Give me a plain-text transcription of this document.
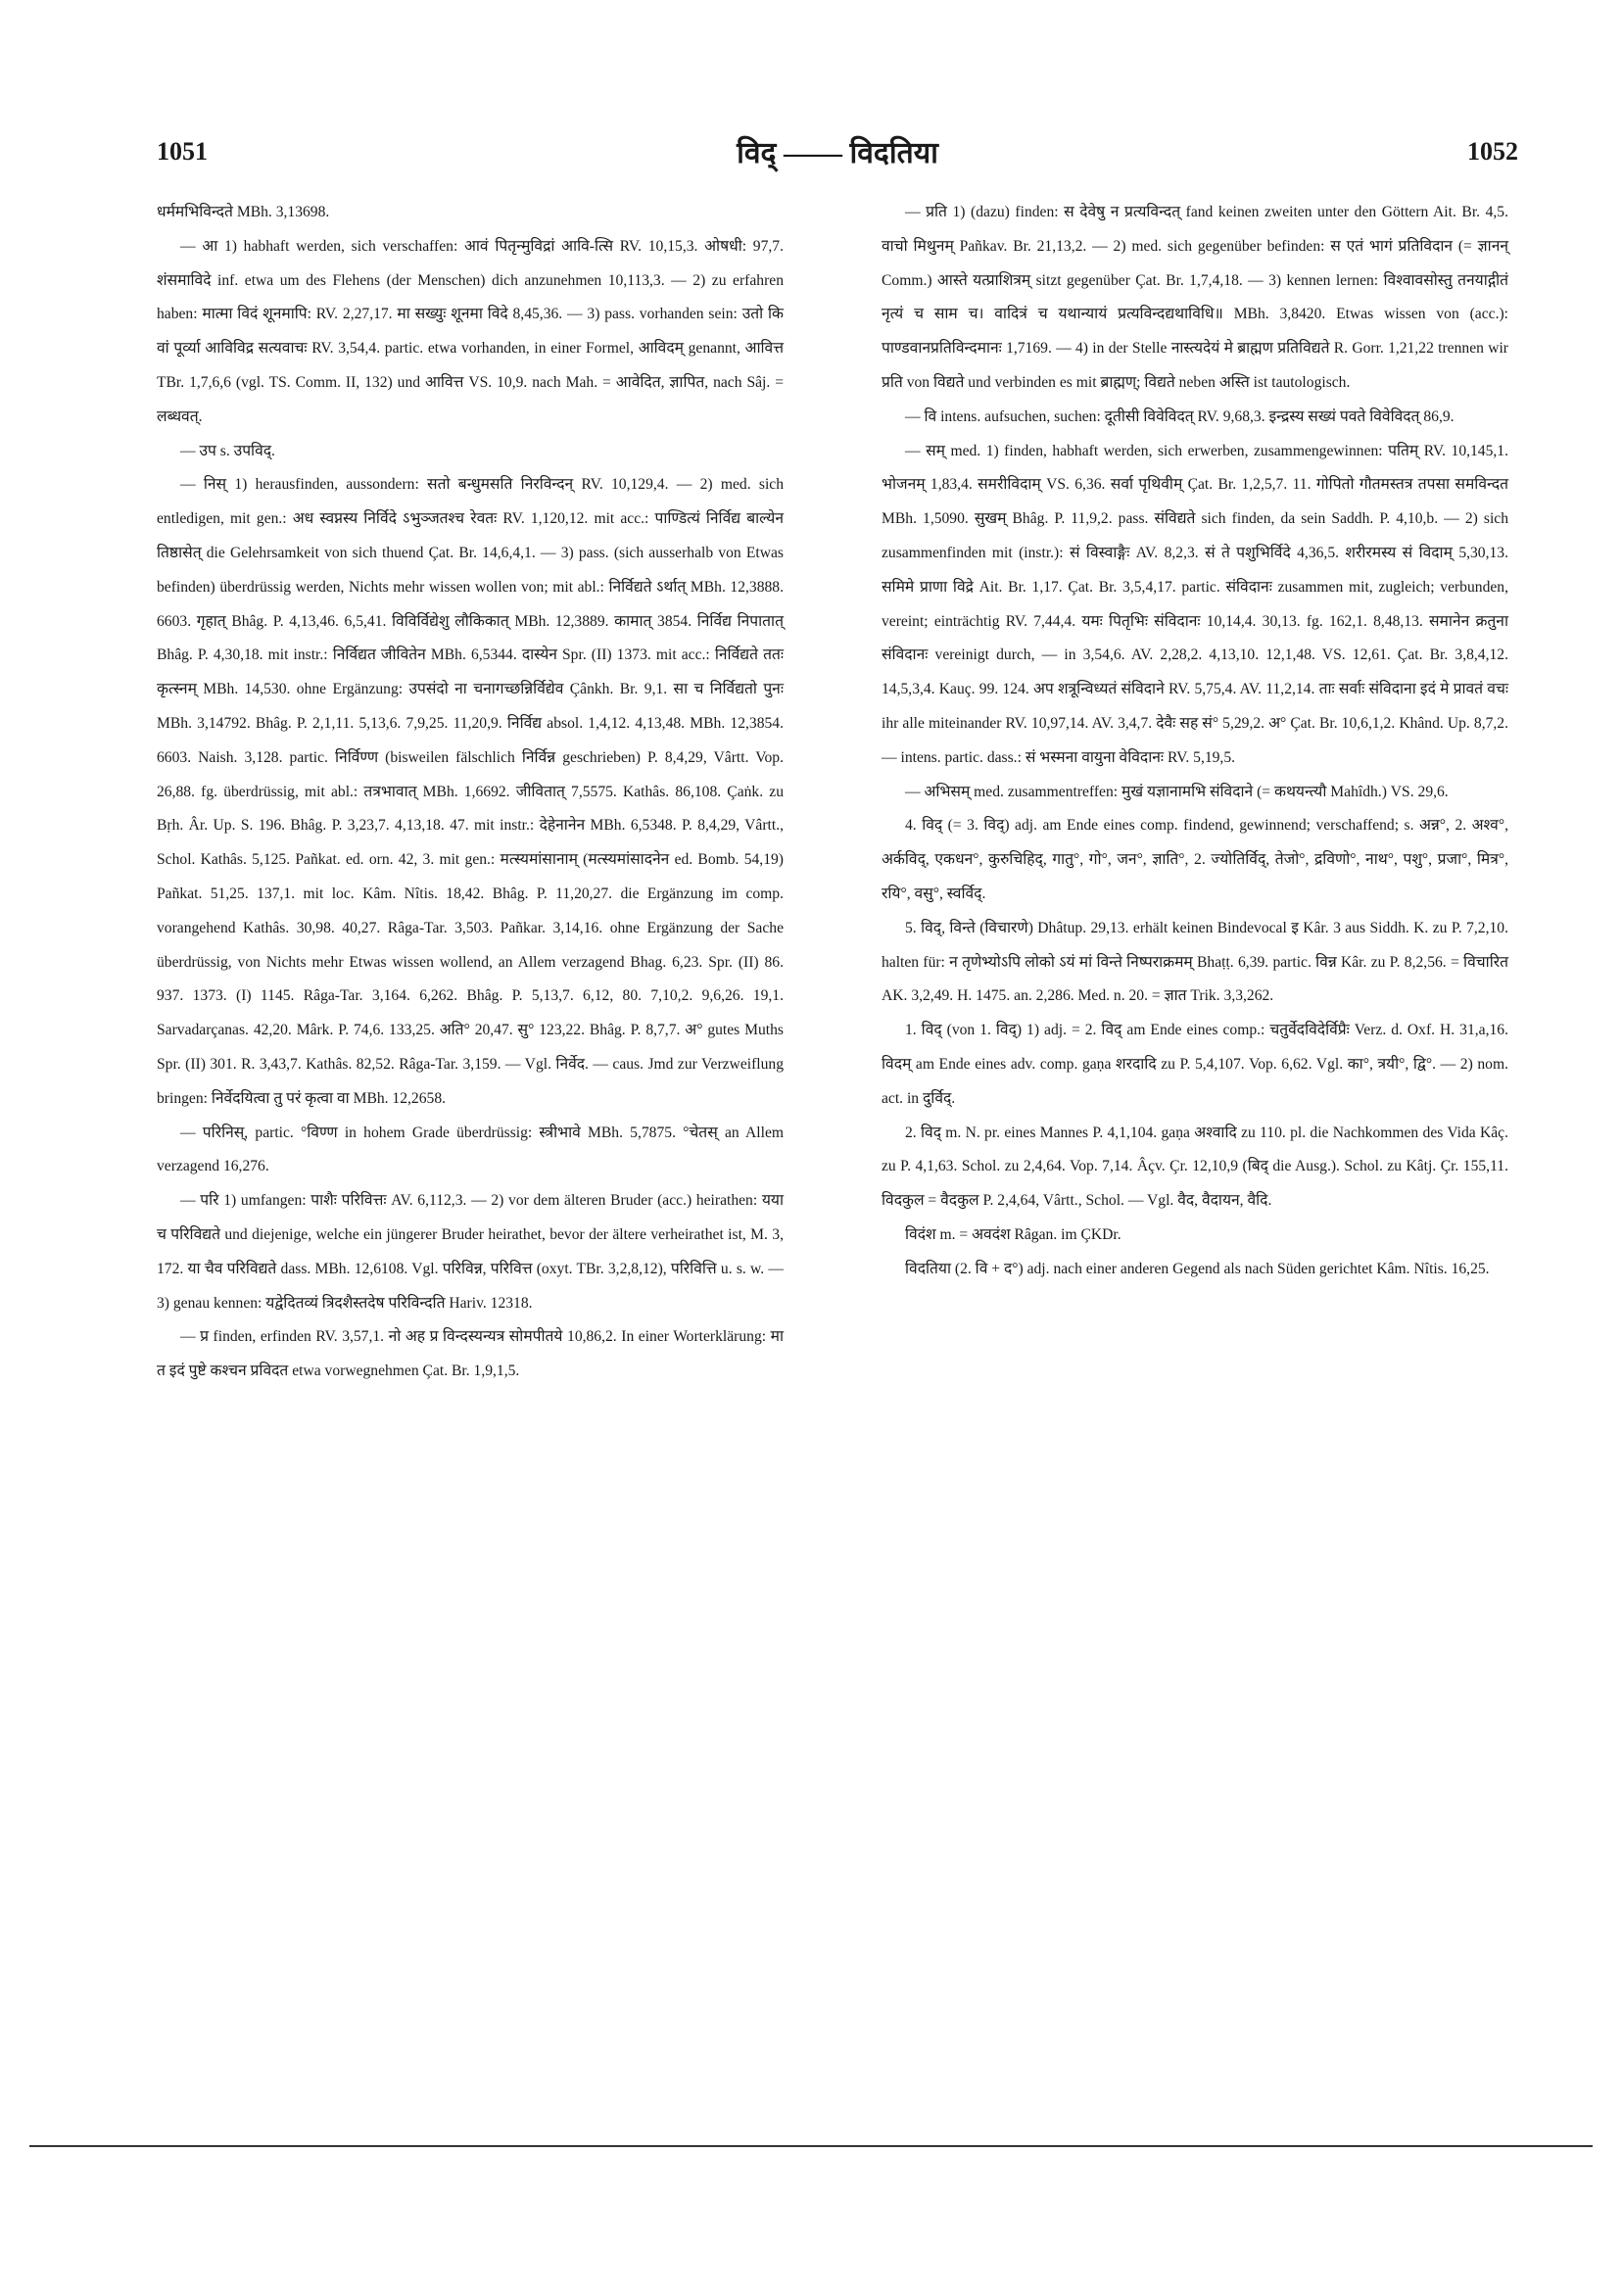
1051	विद् —— विदतिया	1052

धर्ममभिविन्दते MBh. 3,13698.

— आ 1) habhaft werden, sich verschaffen: आवं पितृन्मुविद्रां आवि-त्सि RV. 10,15,3. ओषधी: 97,7. शंसमाविदे inf. etwa um des Flehens (der Menschen) dich anzunehmen 10,113,3. — 2) zu erfahren haben: मात्मा विदं शूनमापि: RV. 2,27,17. मा सख्युः शूनमा विदे 8,45,36. — 3) pass. vorhanden sein: उतो कि वां पूर्व्या आविविद्र सत्यवाचः RV. 3,54,4. partic. etwa vorhanden, in einer Formel, आविदम् genannt, आवित्त TBr. 1,7,6,6 (vgl. TS. Comm. II, 132) und आवित्त VS. 10,9. nach Mah. = आवेदित, ज्ञापित, nach Sâj. = लब्धवत्.

— उप s. उपविद्.

— निस् 1) herausfinden, aussondern: सतो बन्धुमसति निरविन्दन् RV. 10,129,4. — 2) med. sich entledigen, mit gen.: अध स्वप्नस्य निर्विदे ऽभुञ्जतश्च रेवतः RV. 1,120,12. mit acc.: पाण्डित्यं निर्विद्य बाल्येन तिष्ठासेत् die Gelehrsamkeit von sich thuend Çat. Br. 14,6,4,1. — 3) pass. (sich ausserhalb von Etwas befinden) überdrüssig werden, Nichts mehr wissen wollen von; mit abl.: निर्विद्यते ऽर्थात् MBh. 12,3888. 6603. गृहात् Bhâg. P. 4,13,46. 6,5,41. विविर्विद्येशु लौकिकात् MBh. 12,3889. कामात् 3854. निर्विद्य निपातात् Bhâg. P. 4,30,18. mit instr.: निर्विद्यत जीवितेन MBh. 6,5344. दास्येन Spr. (II) 1373. mit acc.: निर्विद्यते ततः कृत्स्नम् MBh. 14,530. ohne Ergänzung: उपसंदो ना चनागच्छन्निर्विद्येव Çânkh. Br. 9,1. सा च निर्विद्यतो पुनः MBh. 3,14792. Bhâg. P. 2,1,11. 5,13,6. 7,9,25. 11,20,9. निर्विद्य absol. 1,4,12. 4,13,48. MBh. 12,3854. 6603. Naish. 3,128. partic. निर्विण्ण (bisweilen fälschlich निर्विन्न geschrieben) P. 8,4,29, Vârtt. Vop. 26,88. fg. überdrüssig, mit abl.: तत्रभावात् MBh. 1,6692. जीवितात् 7,5575. Kathâs. 86,108. Çaṅk. zu Bṛh. Âr. Up. S. 196. Bhâg. P. 3,23,7. 4,13,18. 47. mit instr.: देहेनानेन MBh. 6,5348. P. 8,4,29, Vârtt., Schol. Kathâs. 5,125. Pañkat. ed. orn. 42, 3. mit gen.: मत्स्यमांसानाम् (मत्स्यमांसादनेन ed. Bomb. 54,19) Pañkat. 51,25. 137,1. mit loc. Kâm. Nîtis. 18,42. Bhâg. P. 11,20,27. die Ergänzung im comp. vorangehend Kathâs. 30,98. 40,27. Râga-Tar. 3,503. Pañkar. 3,14,16. ohne Ergänzung der Sache überdrüssig, von Nichts mehr Etwas wissen wollend, an Allem verzagend Bhag. 6,23. Spr. (II) 86. 937. 1373. (I) 1145. Râga-Tar. 3,164. 6,262. Bhâg. P. 5,13,7. 6,12, 80. 7,10,2. 9,6,26. 19,1. Sarvadarçanas. 42,20. Mârk. P. 74,6. 133,25. अति° 20,47. सु° 123,22. Bhâg. P. 8,7,7. अ° gutes Muths Spr. (II) 301. R. 3,43,7. Kathâs. 82,52. Râga-Tar. 3,159. — Vgl. निर्वेद. — caus. Jmd zur Verzweiflung bringen: निर्वेदयित्वा तु परं कृत्वा वा MBh. 12,2658.

— परिनिस्, partic. °विण्ण in hohem Grade überdrüssig: स्त्रीभावे MBh. 5,7875. °चेतस् an Allem verzagend 16,276.

— परि 1) umfangen: पाशैः परिवित्तः AV. 6,112,3. — 2) vor dem älteren Bruder (acc.) heirathen: यया च परिविद्यते und diejenige, welche ein jüngerer Bruder heirathet, bevor der ältere verheirathet ist, M. 3, 172. या चैव परिविद्यते dass. MBh. 12,6108. Vgl. परिविन्न, परिवित्त (oxyt. TBr. 3,2,8,12), परिवित्ति u. s. w. — 3) genau kennen: यद्वेदितव्यं त्रिदशैस्तदेष परिविन्दति Hariv. 12318.

— प्र finden, erfinden RV. 3,57,1. नो अह प्र विन्दस्यन्यत्र सोमपीतये 10,86,2. In einer Worterklärung: मा त इदं पुष्टे कश्चन प्रविदत etwa vorwegnehmen Çat. Br. 1,9,1,5.

— प्रति 1) (dazu) finden: स देवेषु न प्रत्यविन्दत् fand keinen zweiten unter den Göttern Ait. Br. 4,5. वाचो मिथुनम् Pañkav. Br. 21,13,2. — 2) med. sich gegenüber befinden: स एतं भागं प्रतिविदान (= ज्ञानन् Comm.) आस्ते यत्प्राशित्रम् sitzt gegenüber Çat. Br. 1,7,4,18. — 3) kennen lernen: विश्वावसोस्तु तनयाद्गीतं नृत्यं च साम च। वादित्रं च यथान्यायं प्रत्यविन्दद्यथाविधि॥ MBh. 3,8420. Etwas wissen von (acc.): पाण्डवानप्रतिविन्दमानः 1,7169. — 4) in der Stelle नास्त्यदेयं मे ब्राह्मण प्रतिविद्यते R. Gorr. 1,21,22 trennen wir प्रति von विद्यते und verbinden es mit ब्राह्मण्; विद्यते neben अस्ति ist tautologisch.

— वि intens. aufsuchen, suchen: दूतीसी विवेविदत् RV. 9,68,3. इन्द्रस्य सख्यं पवते विवेविदत् 86,9.

— सम् med. 1) finden, habhaft werden, sich erwerben, zusammengewinnen: पतिम् RV. 10,145,1. भोजनम् 1,83,4. समरीविदाम् VS. 6,36. सर्वा पृथिवीम् Çat. Br. 1,2,5,7. 11. गोपितो गौतमस्तत्र तपसा समविन्दत MBh. 1,5090. सुखम् Bhâg. P. 11,9,2. pass. संविद्यते sich finden, da sein Saddh. P. 4,10,b. — 2) sich zusammenfinden mit (instr.): सं विस्वाङ्गैः AV. 8,2,3. सं ते पशुभिर्विदे 4,36,5. शरीरमस्य सं विदाम् 5,30,13. समिमे प्राणा विद्रे Ait. Br. 1,17. Çat. Br. 3,5,4,17. partic. संविदानः zusammen mit, zugleich; verbunden, vereint; einträchtig RV. 7,44,4. यमः पितृभिः संविदानः 10,14,4. 30,13. fg. 162,1. 8,48,13. समानेन क्रतुना संविदानः vereinigt durch, — in 3,54,6. AV. 2,28,2. 4,13,10. 12,1,48. VS. 12,61. Çat. Br. 3,8,4,12. 14,5,3,4. Kauç. 99. 124. अप शत्रून्विध्यतं संविदाने RV. 5,75,4. AV. 11,2,14. ताः सर्वाः संविदाना इदं मे प्रावतं वचः ihr alle miteinander RV. 10,97,14. AV. 3,4,7. देवैः सह सं° 5,29,2. अ° Çat. Br. 10,6,1,2. Khând. Up. 8,7,2. — intens. partic. dass.: सं भस्मना वायुना वेविदानः RV. 5,19,5.

— अभिसम् med. zusammentreffen: मुखं यज्ञानामभि संविदाने (= कथयन्त्यौ Mahîdh.) VS. 29,6.

4. विद् (= 3. विद्) adj. am Ende eines comp. findend, gewinnend; verschaffend; s. अन्न°, 2. अश्व°, अर्कविद्, एकधन°, कुरुचिहिद्, गातु°, गो°, जन°, ज्ञाति°, 2. ज्योतिर्विद्, तेजो°, द्रविणो°, नाथ°, पशु°, प्रजा°, मित्र°, रयि°, वसु°, स्वर्विद्.

5. विद्, विन्ते (विचारणे) Dhâtup. 29,13. erhält keinen Bindevocal इ Kâr. 3 aus Siddh. K. zu P. 7,2,10. halten für: न तृणेभ्योऽपि लोको ऽयं मां विन्ते निष्पराक्रमम् Bhaṭṭ. 6,39. partic. विन्न Kâr. zu P. 8,2,56. = विचारित AK. 3,2,49. H. 1475. an. 2,286. Med. n. 20. = ज्ञात Trik. 3,3,262.

1. विद् (von 1. विद्) 1) adj. = 2. विद् am Ende eines comp.: चतुर्वेदविदेर्विप्रैः Verz. d. Oxf. H. 31,a,16. विदम् am Ende eines adv. comp. gaṇa शरदादि zu P. 5,4,107. Vop. 6,62. Vgl. का°, त्रयी°, द्वि°. — 2) nom. act. in दुर्विद्.

2. विद् m. N. pr. eines Mannes P. 4,1,104. gaṇa अश्वादि zu 110. pl. die Nachkommen des Vida Kâç. zu P. 4,1,63. Schol. zu 2,4,64. Vop. 7,14. Âçv. Çr. 12,10,9 (बिद् die Ausg.). Schol. zu Kâtj. Çr. 155,11. विदकुल = वैदकुल P. 2,4,64, Vârtt., Schol. — Vgl. वैद, वैदायन, वैदि.

विदंश m. = अवदंश Râgan. im ÇKDr.

विदतिया (2. वि + द°) adj. nach einer anderen Gegend als nach Süden gerichtet Kâm. Nîtis. 16,25.
